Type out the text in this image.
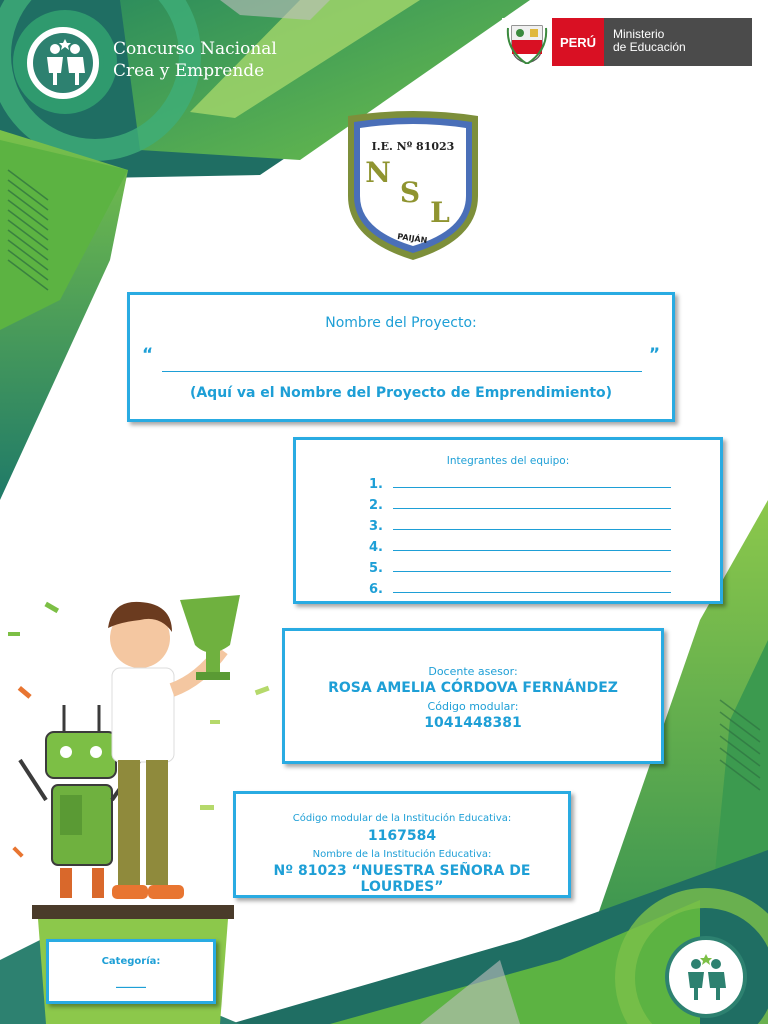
Concurso Nacional
Crea y Emprende
PERÚ
Ministerio
de Educación
I.E. Nº 81023
N
S
L
PAIJÁN
Nombre del Proyecto:
“	”
(Aquí va el Nombre del Proyecto de Emprendimiento)
Integrantes del equipo:
1.
2.
3.
4.
5.
6.
Docente asesor:
ROSA AMELIA CÓRDOVA FERNÁNDEZ
Código modular:
1041448381
Código modular de la Institución Educativa:
1167584
Nombre de la Institución Educativa:
Nº 81023 “NUESTRA SEÑORA DE LOURDES”
Categoría:
_____
